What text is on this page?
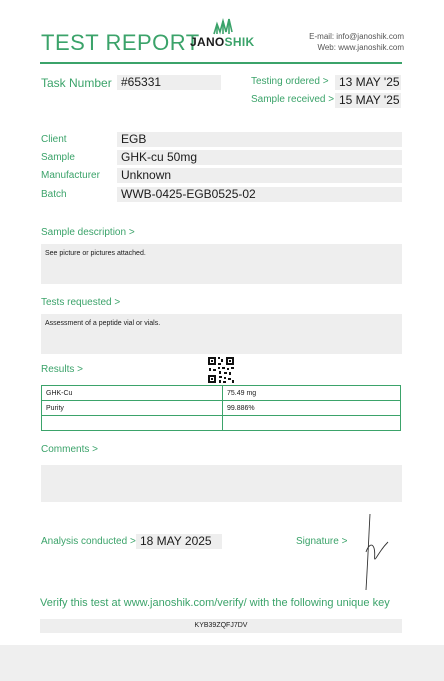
TEST REPORT
JANOSHIK	E-mail: info@janoshik.com
Web: www.janoshik.com
Task Number #65331	Testing ordered > 13 MAY '25
Sample received > 15 MAY '25
Client	EGB
Sample	GHK-cu 50mg
Manufacturer	Unknown
Batch	WWB-0425-EGB0525-02
Sample description >
See picture or pictures attached.
Tests requested >
Assessment of a peptide vial or vials.
Results >
GHK-Cu	75.49 mg
Purity	99.886%

Comments >
Analysis conducted > 18 MAY 2025	Signature >
Verify this test at www.janoshik.com/verify/ with the following unique key
KYB39ZQFJ7DV
